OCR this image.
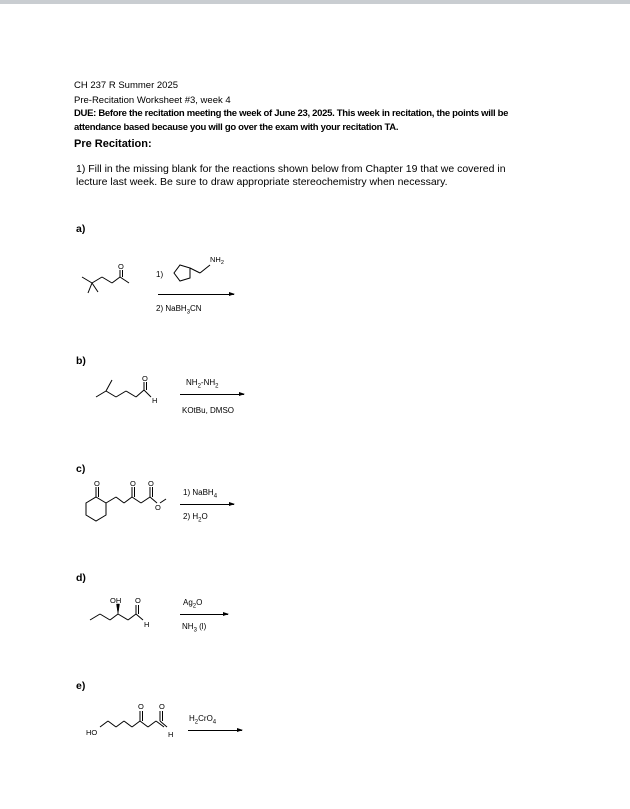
CH 237 R Summer 2025
Pre-Recitation Worksheet #3, week 4
DUE: Before the recitation meeting the week of June 23, 2025. This week in recitation, the points will be
attendance based because you will go over the exam with your recitation TA.
Pre Recitation:
1) Fill in the missing blank for the reactions shown below from Chapter 19 that we covered in
lecture last week. Be sure to draw appropriate stereochemistry when necessary.
a)
O
1)
$NH_2$
2) NaBH$_3$CN
b)
O
H
$NH_2-NH_2$
KOtBu, DMSO
c)
O	O O
O
1) NaBH$_4$
2) $H_2O$
d)
OH O
H
$Ag_2O$
$NH_3$ (l)
e)
HO
O O
H
$H_2CrO_4$
